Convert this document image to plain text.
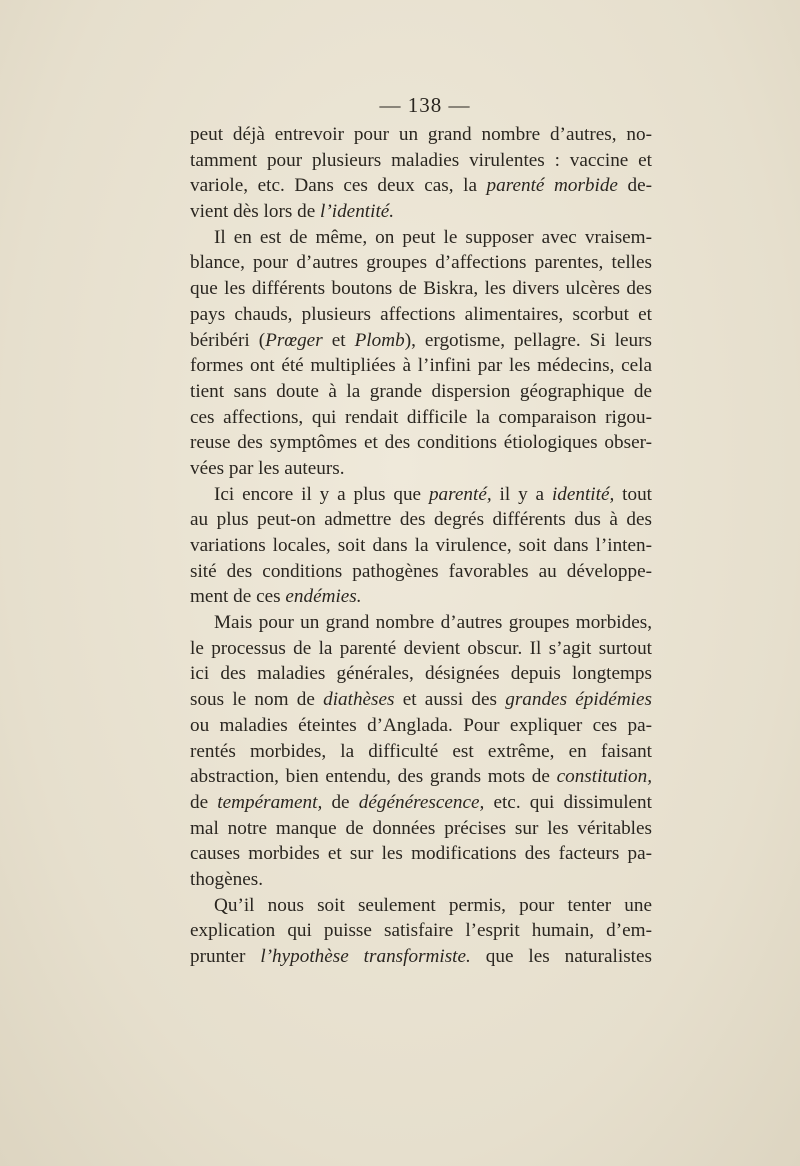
— 138 —
peut déjà entrevoir pour un grand nombre d’autres, no-
tamment pour plusieurs maladies virulentes : vaccine et
variole, etc. Dans ces deux cas, la parenté morbide de-
vient dès lors de l’identité.
Il en est de même, on peut le supposer avec vraisem-
blance, pour d’autres groupes d’affections parentes, telles
que les différents boutons de Biskra, les divers ulcères des
pays chauds, plusieurs affections alimentaires, scorbut et
béribéri (Prœger et Plomb), ergotisme, pellagre. Si leurs
formes ont été multipliées à l’infini par les médecins, cela
tient sans doute à la grande dispersion géographique de
ces affections, qui rendait difficile la comparaison rigou-
reuse des symptômes et des conditions étiologiques obser-
vées par les auteurs.
Ici encore il y a plus que parenté, il y a identité, tout
au plus peut-on admettre des degrés différents dus à des
variations locales, soit dans la virulence, soit dans l’inten-
sité des conditions pathogènes favorables au développe-
ment de ces endémies.
Mais pour un grand nombre d’autres groupes morbides,
le processus de la parenté devient obscur. Il s’agit surtout
ici des maladies générales, désignées depuis longtemps
sous le nom de diathèses et aussi des grandes épidémies
ou maladies éteintes d’Anglada. Pour expliquer ces pa-
rentés morbides, la difficulté est extrême, en faisant
abstraction, bien entendu, des grands mots de constitution,
de tempérament, de dégénérescence, etc. qui dissimulent
mal notre manque de données précises sur les véritables
causes morbides et sur les modifications des facteurs pa-
thogènes.
Qu’il nous soit seulement permis, pour tenter une
explication qui puisse satisfaire l’esprit humain, d’em-
prunter l’hypothèse transformiste. que les naturalistes
